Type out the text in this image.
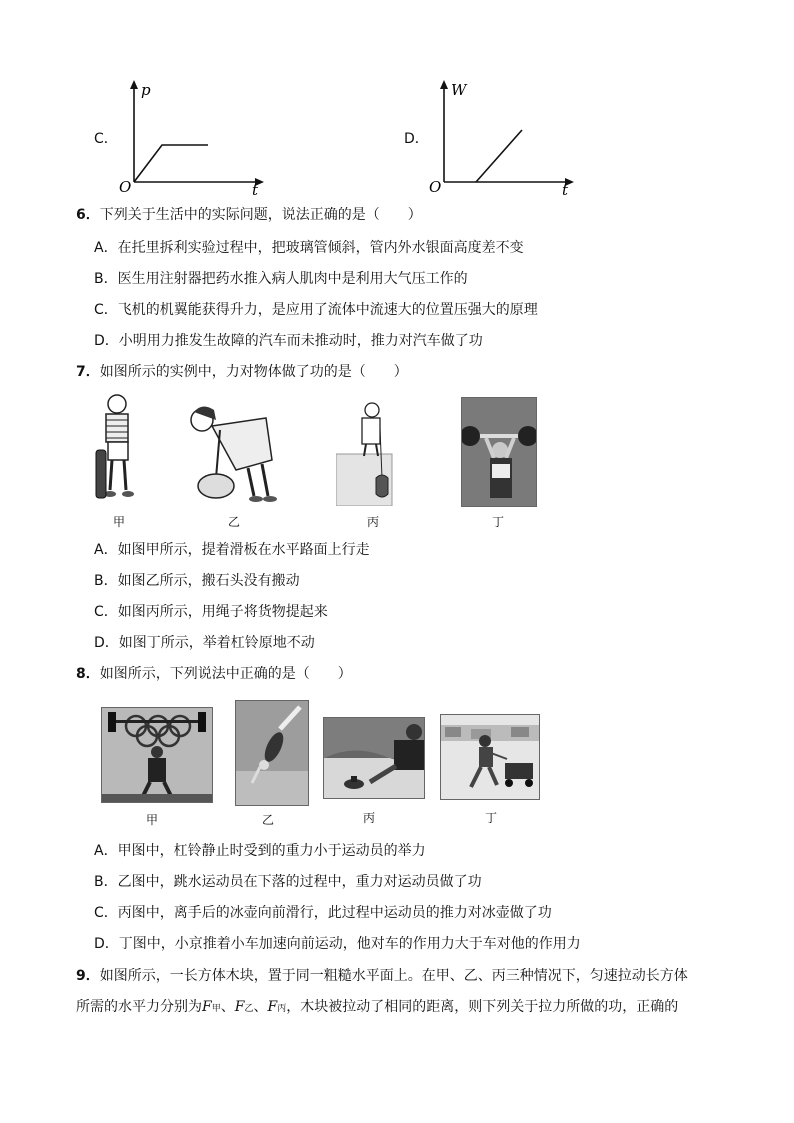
C．
p
O	t
D．
W
O	t
6．下列关于生活中的实际问题，说法正确的是（　　）
A．在托里拆利实验过程中，把玻璃管倾斜，管内外水银面高度差不变
B．医生用注射器把药水推入病人肌肉中是利用大气压工作的
C．飞机的机翼能获得升力，是应用了流体中流速大的位置压强大的原理
D．小明用力推发生故障的汽车而未推动时，推力对汽车做了功
7．如图所示的实例中，力对物体做了功的是（　　）
甲	乙	丙	丁
A．如图甲所示，提着滑板在水平路面上行走
B．如图乙所示，搬石头没有搬动
C．如图丙所示，用绳子将货物提起来
D．如图丁所示，举着杠铃原地不动
8．如图所示，下列说法中正确的是（　　）
甲	乙	丙	丁
A．甲图中，杠铃静止时受到的重力小于运动员的举力
B．乙图中，跳水运动员在下落的过程中，重力对运动员做了功
C．丙图中，离手后的冰壶向前滑行，此过程中运动员的推力对冰壶做了功
D．丁图中，小京推着小车加速向前运动，他对车的作用力大于车对他的作用力
9．如图所示，一长方体木块，置于同一粗糙水平面上。在甲、乙、丙三种情况下，匀速拉动长方体
所需的水平力分别为F甲、F乙、F丙，木块被拉动了相同的距离，则下列关于拉力所做的功，正确的
